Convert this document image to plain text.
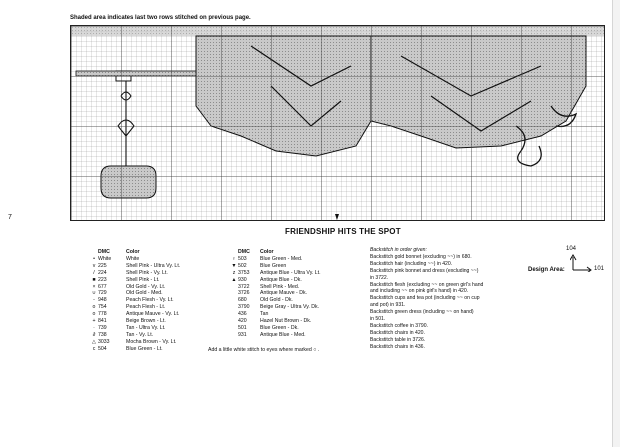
7
Shaded area indicates last two rows stitched on previous page.
FRIENDSHIP HITS THE SPOT
DMC	Color
• White	White
v 225	Shell Pink - Ultra Vy. Lt.
/ 224	Shell Pink - Vy. Lt.
■ 223	Shell Pink - Lt.
× 677	Old Gold - Vy. Lt.
∪ 729	Old Gold - Med.
- 948	Peach Flesh - Vy. Lt.
o 754	Peach Flesh - Lt.
o 778	Antique Mauve - Vy. Lt.
+ 841	Beige Brown - Lt.
· 739	Tan - Ultra Vy. Lt.
∂ 738	Tan - Vy. Lt.
△ 3033	Mocha Brown - Vy. Lt.
c 504	Blue Green - Lt.
DMC	Color
♀ 503	Blue Green - Med.
▼ 502	Blue Green
z 3753	Antique Blue - Ultra Vy. Lt.
▲ 930	Antique Blue - Dk.
3722	Shell Pink - Med.
3726	Antique Mauve - Dk.
680	Old Gold - Dk.
3790	Beige Gray - Ultra Vy. Dk.
436	Tan
420	Hazel Nut Brown - Dk.
501	Blue Green - Dk.
931	Antique Blue - Med.
Add a little white stitch to eyes where marked ○ .
Backstitch in order given:
Backstitch gold bonnet (excluding ~~) in 680.
Backstitch hair (including ~~) in 420.
Backstitch pink bonnet and dress (excluding ~~)
in 3722.
Backstitch flesh (excluding ~~ on green girl's hand
and including ~~ on pink girl's hand) in 420.
Backstitch cups and tea pot (including ~~ on cup
and pot) in 931.
Backstitch green dress (including ~~ on hand)
in 501.
Backstitch coffee in 3790.
Backstitch chairs in 420.
Backstitch table in 3726.
Backstitch chairs in 436.
104
Design Area:	101
